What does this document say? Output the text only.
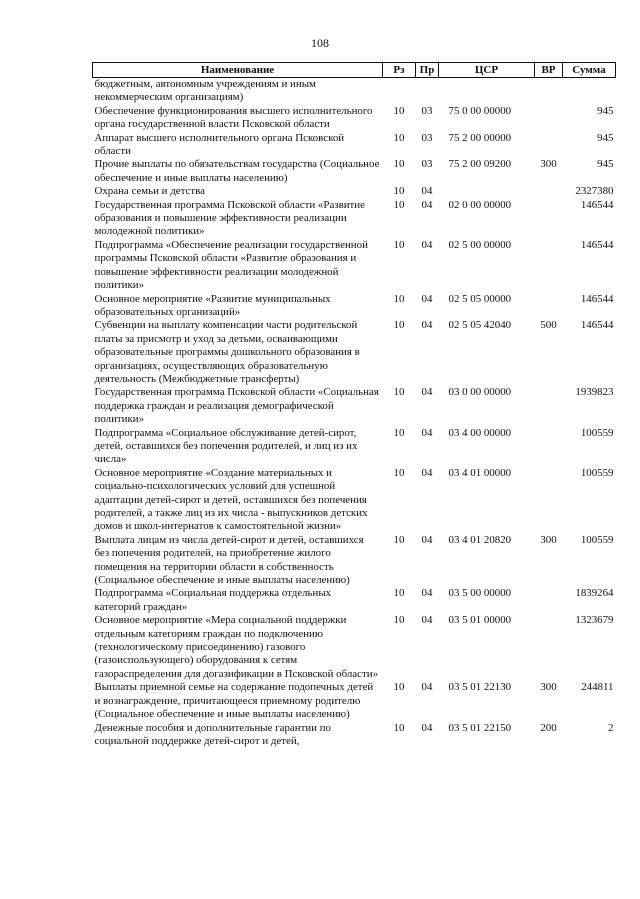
108
Наименование	Рз	Пр	ЦСР	ВР	Сумма
бюджетным, автономным учреждениям и иным некоммерческим организациям)					
Обеспечение функционирования высшего исполнительного органа государственной власти Псковской области	10	03	75 0 00 00000		945
Аппарат высшего исполнительного органа Псковской области	10	03	75 2 00 00000		945
Прочие выплаты по обязательствам государства (Социальное обеспечение и иные выплаты населению)	10	03	75 2 00 09200	300	945
Охрана семьи и детства	10	04			2327380
Государственная программа Псковской области «Развитие образования и повышение эффективности реализации молодежной политики»	10	04	02 0 00 00000		146544
Подпрограмма «Обеспечение реализации государственной программы Псковской области «Развитие образования и повышение эффективности реализации молодежной политики»	10	04	02 5 00 00000		146544
Основное мероприятие «Развитие муниципальных образовательных организаций»	10	04	02 5 05 00000		146544
Субвенции на выплату компенсации части родительской платы за присмотр и уход за детьми, осваивающими образовательные программы дошкольного образования в организациях, осуществляющих образовательную деятельность (Межбюджетные трансферты)	10	04	02 5 05 42040	500	146544
Государственная программа Псковской области «Социальная поддержка граждан и реализация демографической политики»	10	04	03 0 00 00000		1939823
Подпрограмма «Социальное обслуживание детей-сирот, детей, оставшихся без попечения родителей, и лиц из их числа»	10	04	03 4 00 00000		100559
Основное мероприятие «Создание материальных и социально-психологических условий для успешной адаптации детей-сирот и детей, оставшихся без попечения родителей, а также лиц из их числа - выпускников детских домов и школ-интернатов к самостоятельной жизни»	10	04	03 4 01 00000		100559
Выплата лицам из числа детей-сирот и детей, оставшихся без попечения родителей, на приобретение жилого помещения на территории области в собственность (Социальное обеспечение и иные выплаты населению)	10	04	03 4 01 20820	300	100559
Подпрограмма «Социальная поддержка отдельных категорий граждан»	10	04	03 5 00 00000		1839264
Основное мероприятие «Мера социальной поддержки отдельным категориям граждан по подключению (технологическому присоединению) газового (газоиспользующего) оборудования к сетям газораспределения для догазификации в Псковской области»	10	04	03 5 01 00000		1323679
Выплаты приемной семье на содержание подопечных детей и вознаграждение, причитающееся приемному родителю (Социальное обеспечение и иные выплаты населению)	10	04	03 5 01 22130	300	244811
Денежные пособия и дополнительные гарантии по социальной поддержке детей-сирот и детей,	10	04	03 5 01 22150	200	2
